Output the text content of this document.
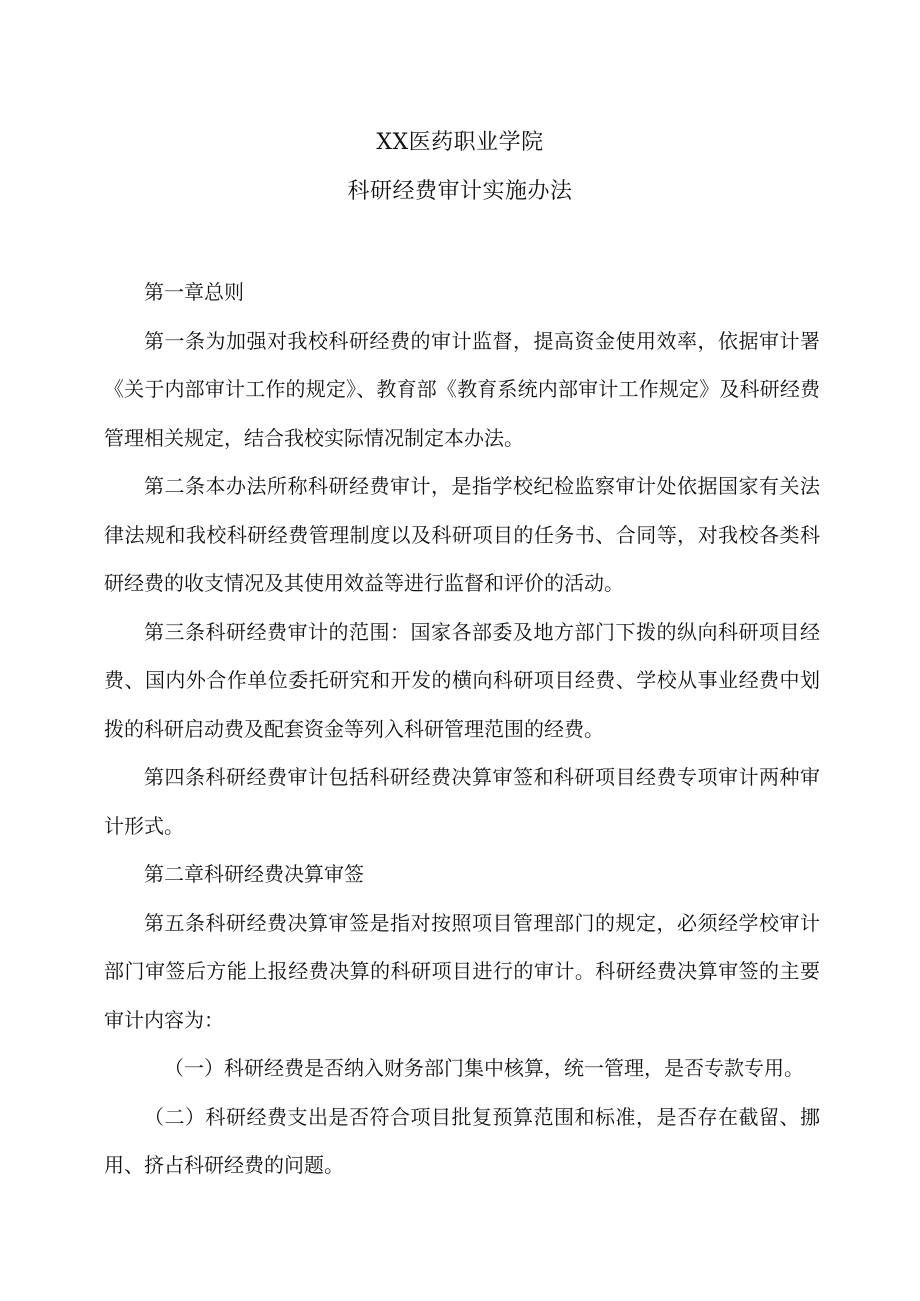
XX医药职业学院
科研经费审计实施办法

第一章总则

第一条为加强对我校科研经费的审计监督，提高资金使用效率，依据审计署《关于内部审计工作的规定》、教育部《教育系统内部审计工作规定》及科研经费管理相关规定，结合我校实际情况制定本办法。

第二条本办法所称科研经费审计，是指学校纪检监察审计处依据国家有关法律法规和我校科研经费管理制度以及科研项目的任务书、合同等，对我校各类科研经费的收支情况及其使用效益等进行监督和评价的活动。

第三条科研经费审计的范围：国家各部委及地方部门下拨的纵向科研项目经费、国内外合作单位委托研究和开发的横向科研项目经费、学校从事业经费中划拨的科研启动费及配套资金等列入科研管理范围的经费。

第四条科研经费审计包括科研经费决算审签和科研项目经费专项审计两种审计形式。

第二章科研经费决算审签

第五条科研经费决算审签是指对按照项目管理部门的规定，必须经学校审计部门审签后方能上报经费决算的科研项目进行的审计。科研经费决算审签的主要审计内容为：

（一）科研经费是否纳入财务部门集中核算，统一管理，是否专款专用。

（二）科研经费支出是否符合项目批复预算范围和标准，是否存在截留、挪用、挤占科研经费的问题。
